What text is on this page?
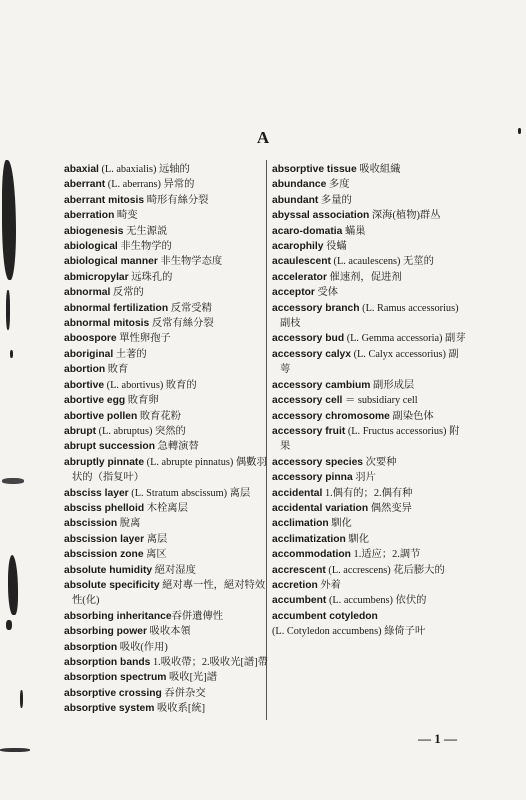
A

abaxial (L. abaxialis) 远轴的

aberrant (L. aberrans) 异常的

aberrant mitosis 畸形有絲分裂

aberration 畸变

abiogenesis 无生源説

abiological 非生物学的

abiological manner 非生物学态度

abmicropylar 远珠孔的

abnormal 反常的

abnormal fertilization 反常受精

abnormal mitosis 反常有絲分裂

aboospore 單性卵孢子

aboriginal 土著的

abortion 敗育

abortive (L. abortivus) 敗育的

abortive egg 敗育卵

abortive pollen 敗育花粉

abrupt (L. abruptus) 突然的

abrupt succession 急轉演替

abruptly pinnate (L. abrupte pinnatus) 偶數羽状的（指复叶）

absciss layer (L. Stratum abscissum) 离层

absciss phelloid 木栓离层

abscission 脫离

abscission layer 离层

abscission zone 离区

absolute humidity 絕对湿度

absolute specificity 絕对專一性，絕对特效性(化)

absorbing inheritance吞併遺傳性

absorbing power 吸收本領

absorption 吸收(作用)

absorption bands 1.吸收帶；2.吸收光[譜]帶

absorption spectrum 吸收[光]譜

absorptive crossing 吞併杂交

absorptive system 吸收系[統]

absorptive tissue 吸收組織

abundance 多度

abundant 多量的

abyssal association 深海(植物)群丛

acaro-domatia 蟎巢

acarophily 役蟎

acaulescent (L. acaulescens) 无莖的

accelerator 催速剂，促进剂

acceptor 受体

accessory branch (L. Ramus accessorius) 副枝

accessory bud (L. Gemma accessoria) 副芽

accessory calyx (L. Calyx accessorius) 副萼

accessory cambium 副形成层

accessory cell ＝ subsidiary cell

accessory chromosome 副染色体

accessory fruit (L. Fructus accessorius) 附果

accessory species 次要种

accessory pinna 羽片

accidental 1.偶有的；2.偶有种

accidental variation 偶然变异

acclimation 馴化

acclimatization 馴化

accommodation 1.适应；2.調节

accrescent (L. accrescens) 花后膨大的

accretion 外着

accumbent (L. accumbens) 依伏的

accumbent cotyledon

(L. Cotyledon accumbens) 綠倚子叶

— 1 —
